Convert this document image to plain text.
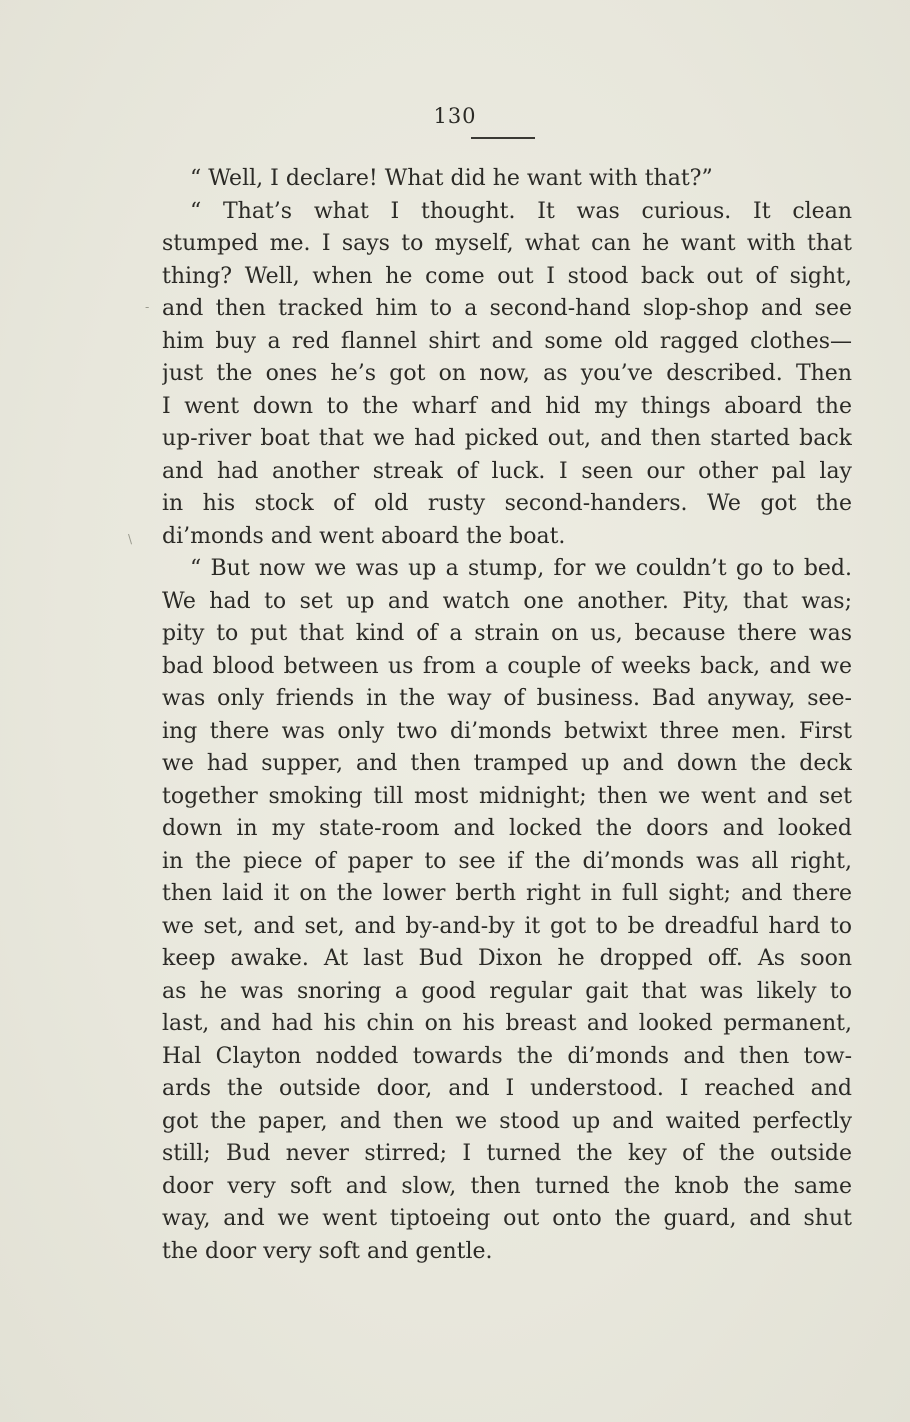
130
-
\
“ Well, I declare! What did he want with that?”
“ That’s what I thought. It was curious. It clean
stumped me. I says to myself, what can he want with that
thing? Well, when he come out I stood back out of sight,
and then tracked him to a second-hand slop-shop and see
him buy a red flannel shirt and some old ragged clothes—
just the ones he’s got on now, as you’ve described. Then
I went down to the wharf and hid my things aboard the
up-river boat that we had picked out, and then started back
and had another streak of luck. I seen our other pal lay
in his stock of old rusty second-handers. We got the
di’monds and went aboard the boat.
“ But now we was up a stump, for we couldn’t go to bed.
We had to set up and watch one another. Pity, that was;
pity to put that kind of a strain on us, because there was
bad blood between us from a couple of weeks back, and we
was only friends in the way of business. Bad anyway, see-
ing there was only two di’monds betwixt three men. First
we had supper, and then tramped up and down the deck
together smoking till most midnight; then we went and set
down in my state-room and locked the doors and looked
in the piece of paper to see if the di’monds was all right,
then laid it on the lower berth right in full sight; and there
we set, and set, and by-and-by it got to be dreadful hard to
keep awake. At last Bud Dixon he dropped off. As soon
as he was snoring a good regular gait that was likely to
last, and had his chin on his breast and looked permanent,
Hal Clayton nodded towards the di’monds and then tow-
ards the outside door, and I understood. I reached and
got the paper, and then we stood up and waited perfectly
still; Bud never stirred; I turned the key of the outside
door very soft and slow, then turned the knob the same
way, and we went tiptoeing out onto the guard, and shut
the door very soft and gentle.
